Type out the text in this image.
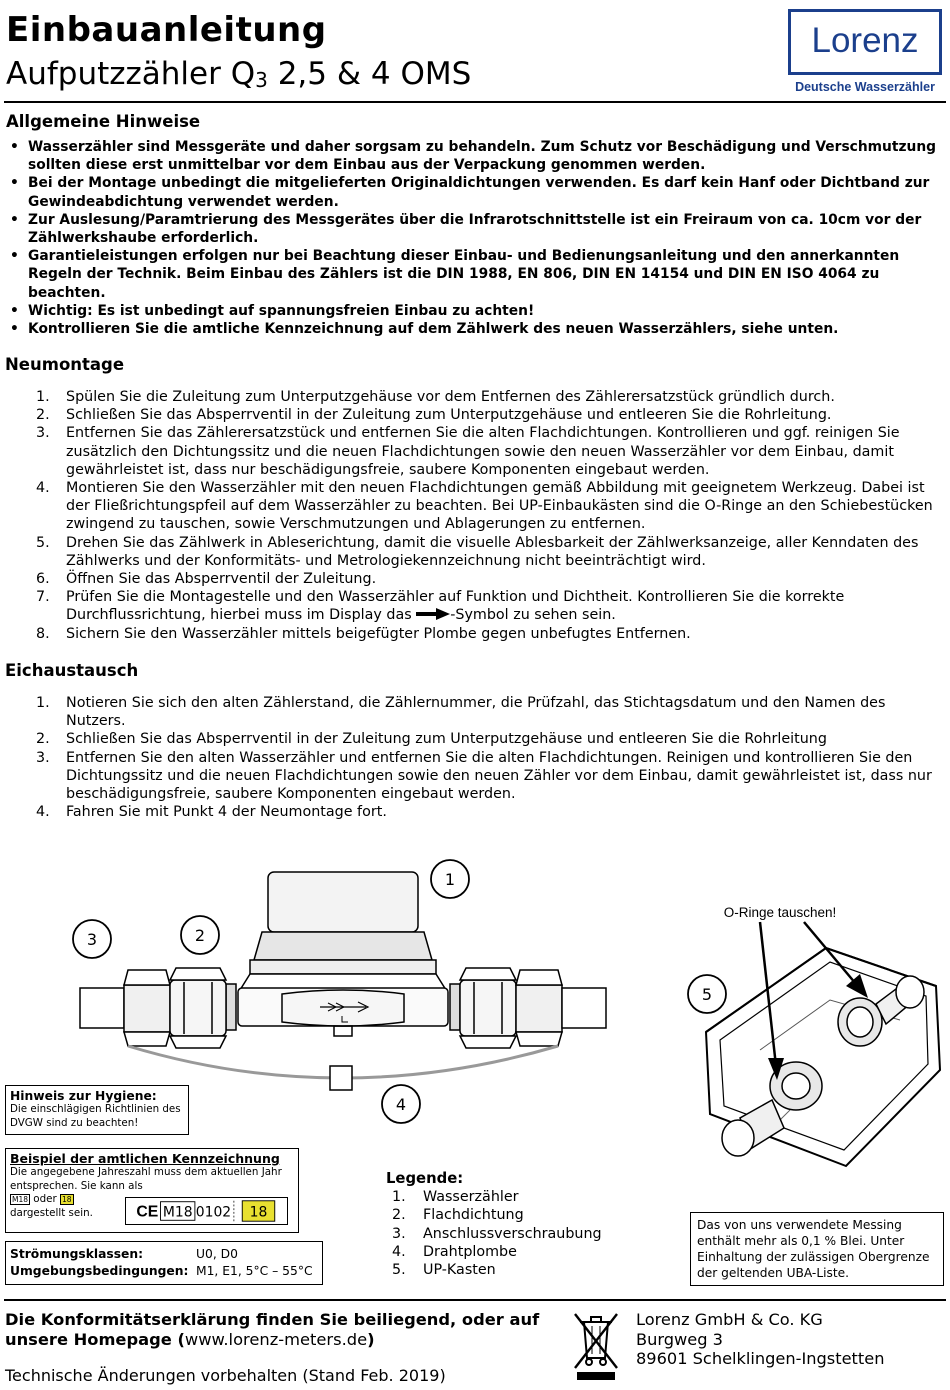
Einbauanleitung
Aufputzzähler Q3 2,5 & 4 OMS
Lorenz
Deutsche Wasserzähler
Allgemeine Hinweise
• Wasserzähler sind Messgeräte und daher sorgsam zu behandeln. Zum Schutz vor Beschädigung und Verschmutzung sollten diese erst unmittelbar vor dem Einbau aus der Verpackung genommen werden.
• Bei der Montage unbedingt die mitgelieferten Originaldichtungen verwenden. Es darf kein Hanf oder Dichtband zur Gewindeabdichtung verwendet werden.
• Zur Auslesung/Paramtrierung des Messgerätes über die Infrarotschnittstelle ist ein Freiraum von ca. 10cm vor der Zählwerkshaube erforderlich.
• Garantieleistungen erfolgen nur bei Beachtung dieser Einbau- und Bedienungsanleitung und den annerkannten Regeln der Technik. Beim Einbau des Zählers ist die DIN 1988, EN 806, DIN EN 14154 und DIN EN ISO 4064 zu beachten.
• Wichtig: Es ist unbedingt auf spannungsfreien Einbau zu achten!
• Kontrollieren Sie die amtliche Kennzeichnung auf dem Zählwerk des neuen Wasserzählers, siehe unten.
Neumontage
1. Spülen Sie die Zuleitung zum Unterputzgehäuse vor dem Entfernen des Zählerersatzstück gründlich durch.
2. Schließen Sie das Absperrventil in der Zuleitung zum Unterputzgehäuse und entleeren Sie die Rohrleitung.
3. Entfernen Sie das Zählerersatzstück und entfernen Sie die alten Flachdichtungen. Kontrollieren und ggf. reinigen Sie zusätzlich den Dichtungssitz und die neuen Flachdichtungen sowie den neuen Wasserzähler vor dem Einbau, damit gewährleistet ist, dass nur beschädigungsfreie, saubere Komponenten eingebaut werden.
4. Montieren Sie den Wasserzähler mit den neuen Flachdichtungen gemäß Abbildung mit geeignetem Werkzeug. Dabei ist der Fließrichtungspfeil auf dem Wasserzähler zu beachten. Bei UP-Einbaukästen sind die O-Ringe an den Schiebestücken zwingend zu tauschen, sowie Verschmutzungen und Ablagerungen zu entfernen.
5. Drehen Sie das Zählwerk in Ableserichtung, damit die visuelle Ablesbarkeit der Zählwerksanzeige, aller Kenndaten des Zählwerks und der Konformitäts- und Metrologiekennzeichnung nicht beeinträchtigt wird.
6. Öffnen Sie das Absperrventil der Zuleitung.
7. Prüfen Sie die Montagestelle und den Wasserzähler auf Funktion und Dichtheit. Kontrollieren Sie die korrekte Durchflussrichtung, hierbei muss im Display das -Symbol zu sehen sein.
8. Sichern Sie den Wasserzähler mittels beigefügter Plombe gegen unbefugtes Entfernen.
Eichaustausch
1. Notieren Sie sich den alten Zählerstand, die Zählernummer, die Prüfzahl, das Stichtagsdatum und den Namen des Nutzers.
2. Schließen Sie das Absperrventil in der Zuleitung zum Unterputzgehäuse und entleeren Sie die Rohrleitung
3. Entfernen Sie den alten Wasserzähler und entfernen Sie die alten Flachdichtungen. Reinigen und kontrollieren Sie den Dichtungssitz und die neuen Flachdichtungen sowie den neuen Zähler vor dem Einbau, damit gewährleistet ist, dass nur beschädigungsfreie, saubere Komponenten eingebaut werden.
4. Fahren Sie mit Punkt 4 der Neumontage fort.
1
2
3
4
5
O-Ringe tauschen!
Hinweis zur Hygiene:
Die einschlägigen Richtlinien des DVGW sind zu beachten!
Beispiel der amtlichen Kennzeichnung
Die angegebene Jahreszahl muss dem aktuellen Jahr entsprechen. Sie kann als
M18 oder 18
dargestellt sein.	CE M18 0102 18
Strömungsklassen:	U0, D0
Umgebungsbedingungen: M1, E1, 5°C – 55°C
Legende:
1. Wasserzähler
2. Flachdichtung
3. Anschlussverschraubung
4. Drahtplombe
5. UP-Kasten
Das von uns verwendete Messing enthält mehr als 0,1 % Blei. Unter Einhaltung der zulässigen Obergrenze der geltenden UBA-Liste.
Die Konformitätserklärung finden Sie beiliegend, oder auf unsere Homepage (www.lorenz-meters.de)
Technische Änderungen vorbehalten (Stand Feb. 2019)
Lorenz GmbH & Co. KG
Burgweg 3
89601 Schelklingen-Ingstetten
